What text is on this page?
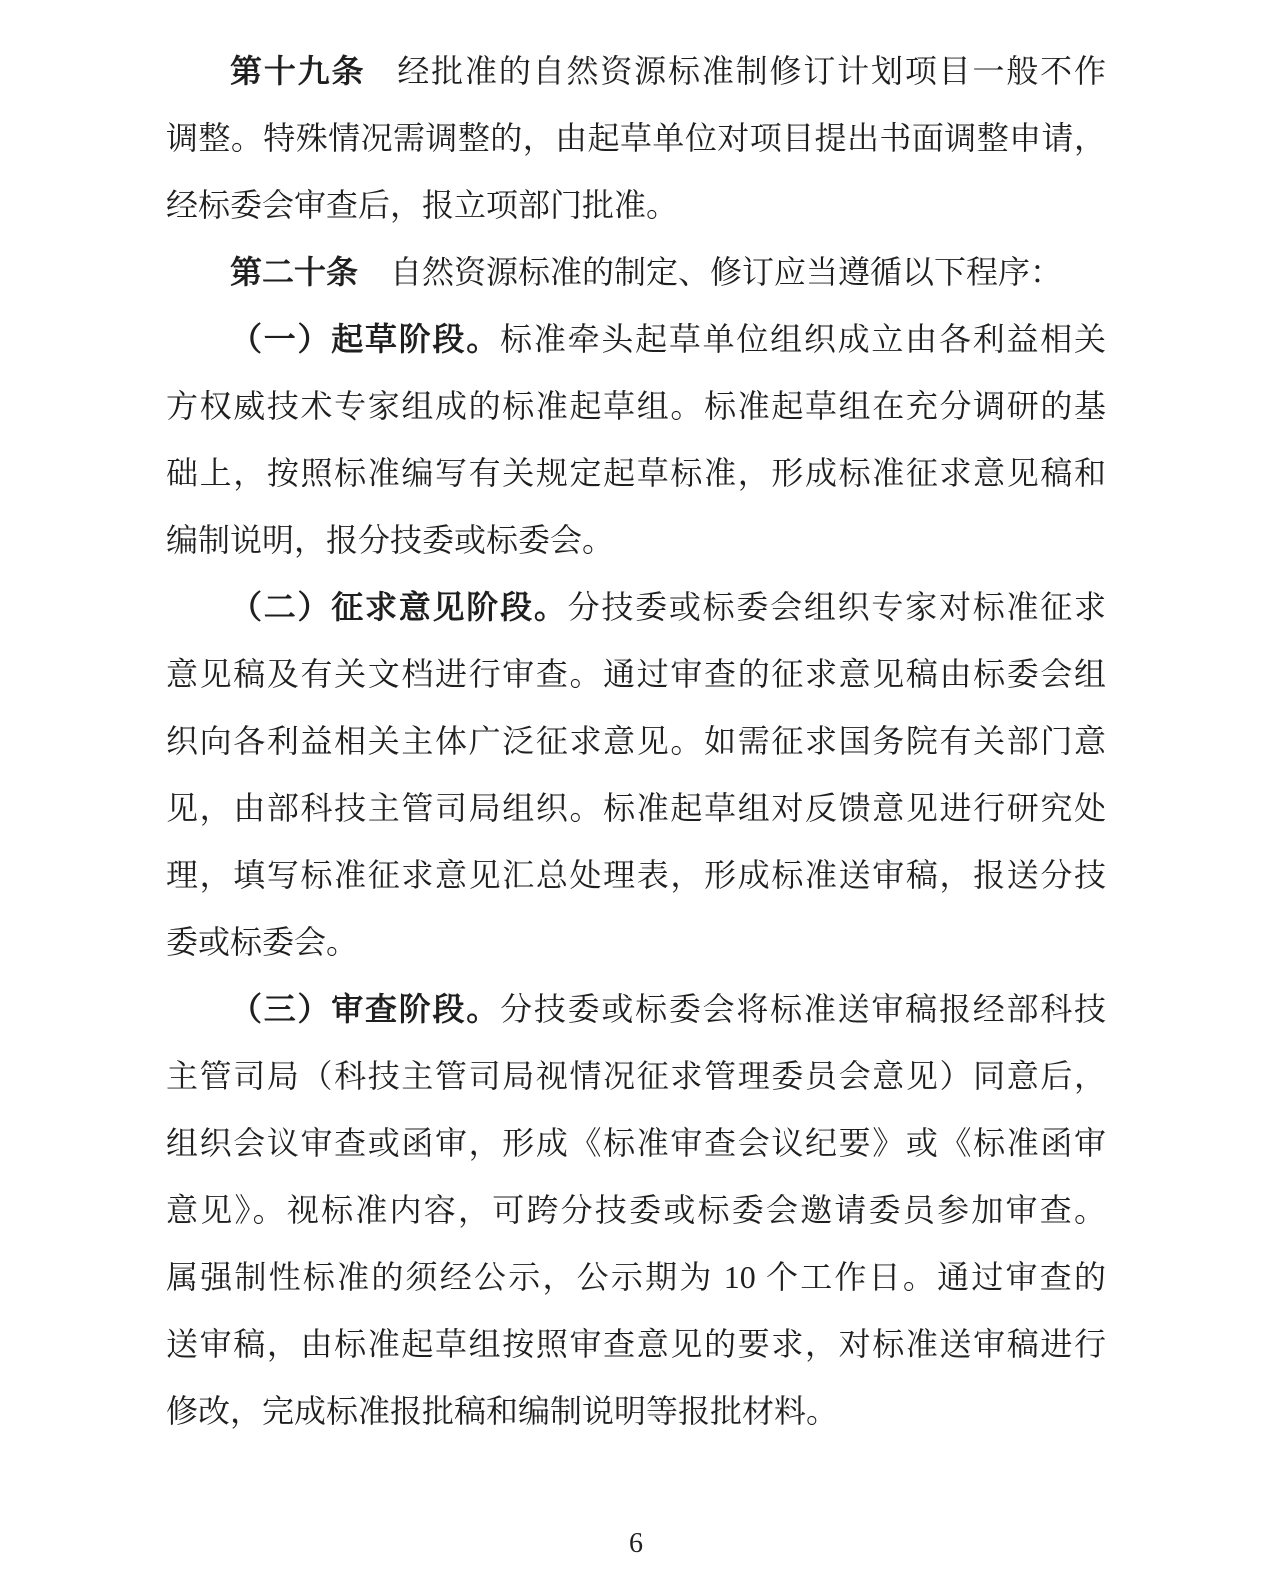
第十九条 经批准的自然资源标准制修订计划项目一般不作
调整。特殊情况需调整的，由起草单位对项目提出书面调整申请，
经标委会审查后，报立项部门批准。
第二十条 自然资源标准的制定、修订应当遵循以下程序：
（一）起草阶段。标准牵头起草单位组织成立由各利益相关
方权威技术专家组成的标准起草组。标准起草组在充分调研的基
础上，按照标准编写有关规定起草标准，形成标准征求意见稿和
编制说明，报分技委或标委会。
（二）征求意见阶段。分技委或标委会组织专家对标准征求
意见稿及有关文档进行审查。通过审查的征求意见稿由标委会组
织向各利益相关主体广泛征求意见。如需征求国务院有关部门意
见，由部科技主管司局组织。标准起草组对反馈意见进行研究处
理，填写标准征求意见汇总处理表，形成标准送审稿，报送分技
委或标委会。
（三）审查阶段。分技委或标委会将标准送审稿报经部科技
主管司局（科技主管司局视情况征求管理委员会意见）同意后，
组织会议审查或函审，形成《标准审查会议纪要》或《标准函审
意见》。视标准内容，可跨分技委或标委会邀请委员参加审查。
属强制性标准的须经公示，公示期为 10 个工作日。通过审查的
送审稿，由标准起草组按照审查意见的要求，对标准送审稿进行
修改，完成标准报批稿和编制说明等报批材料。
6
